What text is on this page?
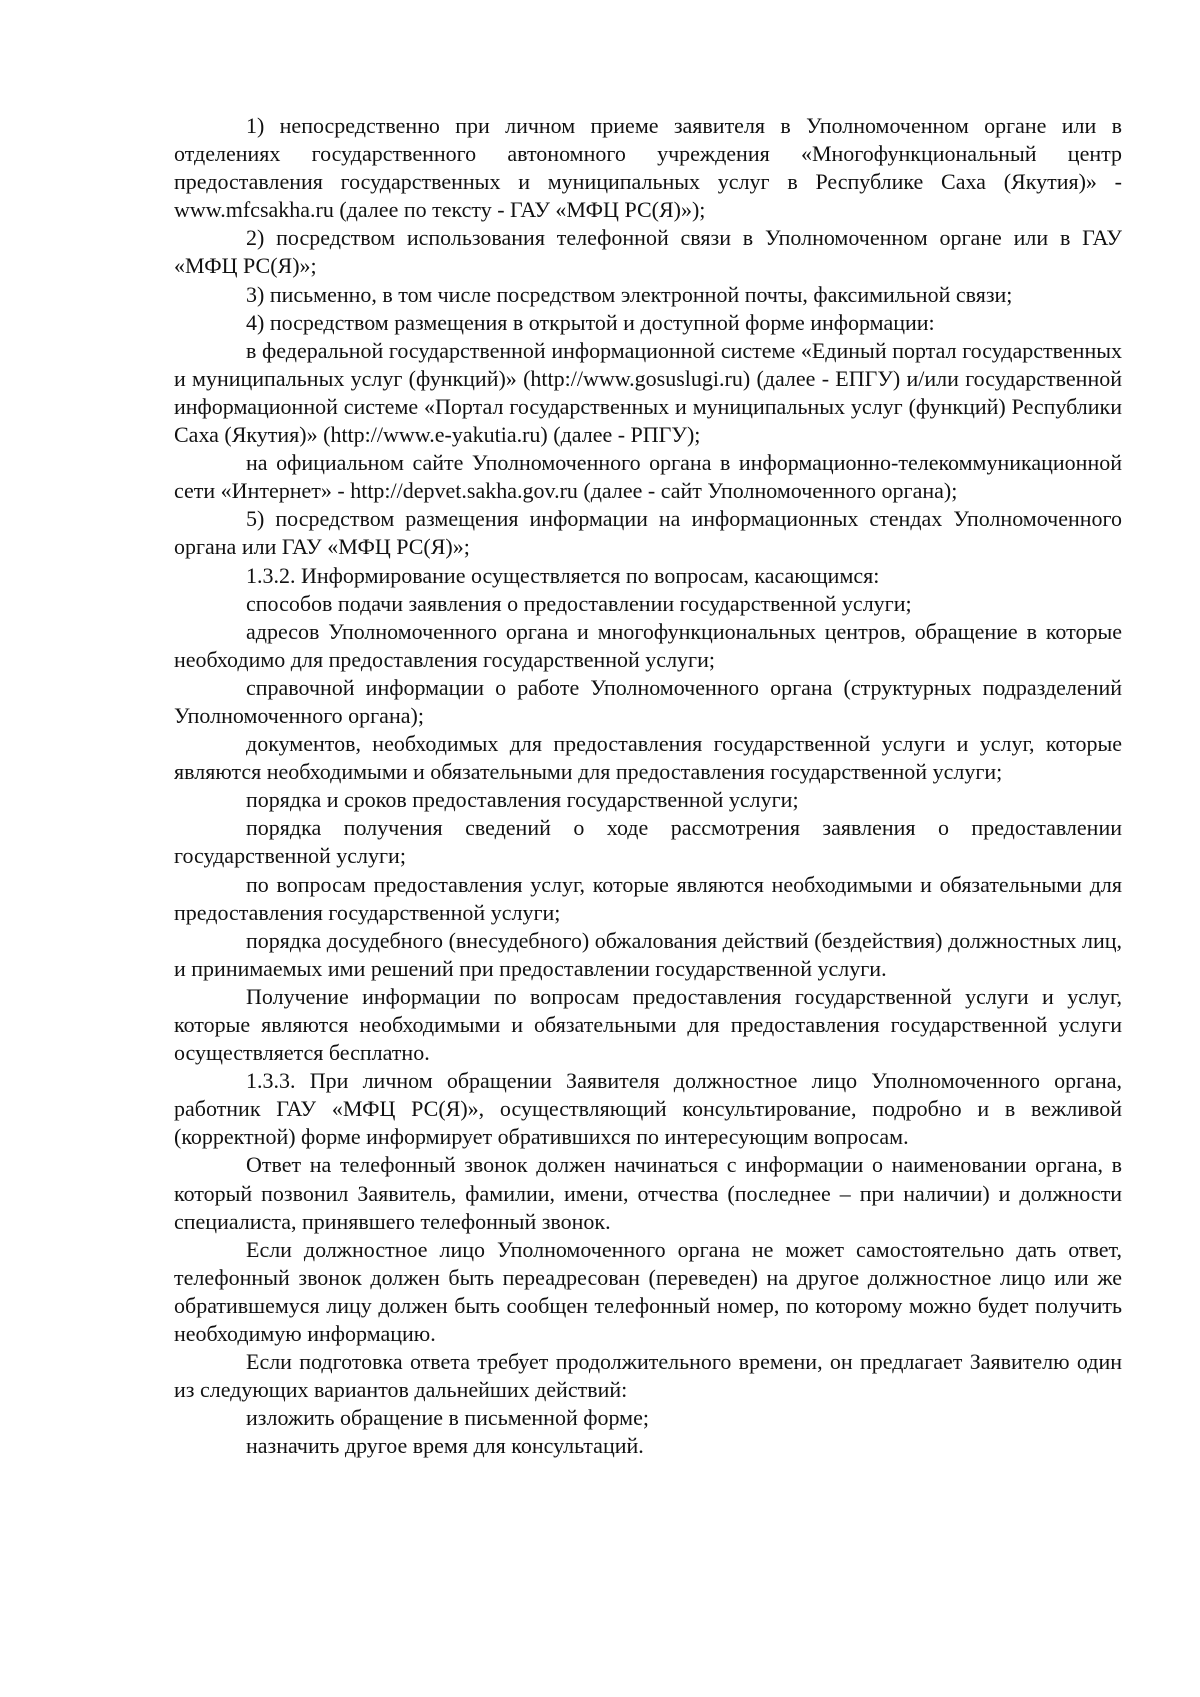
1) непосредственно при личном приеме заявителя в Уполномоченном органе или в отделениях государственного автономного учреждения «Многофункциональный центр предоставления государственных и муниципальных услуг в Республике Саха (Якутия)» - www.mfcsakha.ru (далее по тексту - ГАУ «МФЦ РС(Я)»);

2) посредством использования телефонной связи в Уполномоченном органе или в ГАУ «МФЦ РС(Я)»;

3) письменно, в том числе посредством электронной почты, факсимильной связи;

4) посредством размещения в открытой и доступной форме информации:

в федеральной государственной информационной системе «Единый портал государственных и муниципальных услуг (функций)» (http://www.gosuslugi.ru) (далее - ЕПГУ) и/или государственной информационной системе «Портал государственных и муниципальных услуг (функций) Республики Саха (Якутия)» (http://www.e-yakutia.ru) (далее - РПГУ);

на официальном сайте Уполномоченного органа в информационно-телекоммуникационной сети «Интернет» - http://depvet.sakha.gov.ru (далее - сайт Уполномоченного органа);

5) посредством размещения информации на информационных стендах Уполномоченного органа или ГАУ «МФЦ РС(Я)»;

1.3.2. Информирование осуществляется по вопросам, касающимся:

способов подачи заявления о предоставлении государственной услуги;

адресов Уполномоченного органа и многофункциональных центров, обращение в которые необходимо для предоставления государственной услуги;

справочной информации о работе Уполномоченного органа (структурных подразделений Уполномоченного органа);

документов, необходимых для предоставления государственной услуги и услуг, которые являются необходимыми и обязательными для предоставления государственной услуги;

порядка и сроков предоставления государственной услуги;

порядка получения сведений о ходе рассмотрения заявления о предоставлении государственной услуги;

по вопросам предоставления услуг, которые являются необходимыми и обязательными для предоставления государственной услуги;

порядка досудебного (внесудебного) обжалования действий (бездействия) должностных лиц, и принимаемых ими решений при предоставлении государственной услуги.

Получение информации по вопросам предоставления государственной услуги и услуг, которые являются необходимыми и обязательными для предоставления государственной услуги осуществляется бесплатно.

1.3.3. При личном обращении Заявителя должностное лицо Уполномоченного органа, работник ГАУ «МФЦ РС(Я)», осуществляющий консультирование, подробно и в вежливой (корректной) форме информирует обратившихся по интересующим вопросам.

Ответ на телефонный звонок должен начинаться с информации о наименовании органа, в который позвонил Заявитель, фамилии, имени, отчества (последнее – при наличии) и должности специалиста, принявшего телефонный звонок.

Если должностное лицо Уполномоченного органа не может самостоятельно дать ответ, телефонный звонок должен быть переадресован (переведен) на другое должностное лицо или же обратившемуся лицу должен быть сообщен телефонный номер, по которому можно будет получить необходимую информацию.

Если подготовка ответа требует продолжительного времени, он предлагает Заявителю один из следующих вариантов дальнейших действий:

изложить обращение в письменной форме;

назначить другое время для консультаций.
